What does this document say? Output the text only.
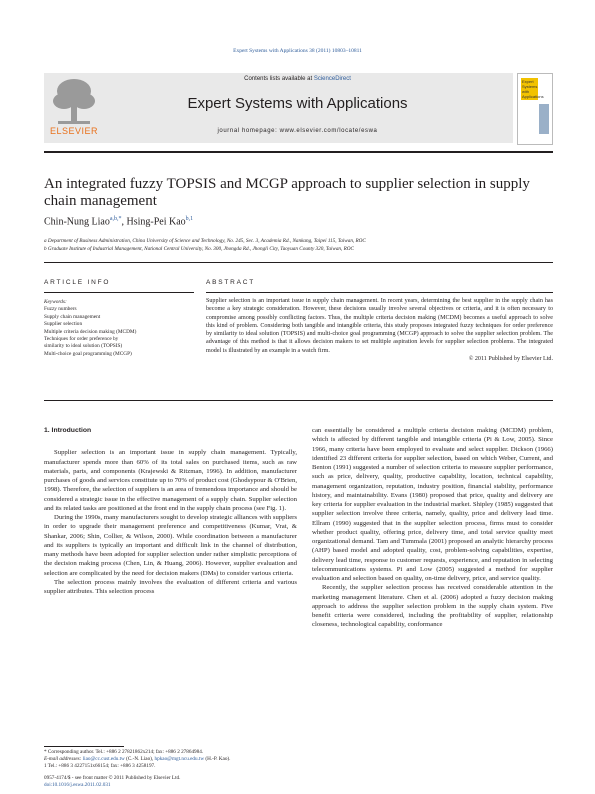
Expert Systems with Applications 38 (2011) 10803–10811
ELSEVIER
Contents lists available at ScienceDirect
Expert Systems with Applications
journal homepage: www.elsevier.com/locate/eswa
Expert
Systems
with
Applications
An integrated fuzzy TOPSIS and MCGP approach to supplier selection in supply chain management
Chin-Nung Liao$^{a,b,*}$, Hsing-Pei Kao$^{b,1}$
a Department of Business Administration, China University of Science and Technology, No. 245, Sec. 3, Academia Rd., Nankang, Taipei 115, Taiwan, ROC
b Graduate Institute of Industrial Management, National Central University, No. 300, Jhongda Rd., Jhongli City, Taoyuan County 320, Taiwan, ROC
ARTICLE INFO
Keywords:
Fuzzy numbers
Supply chain management
Supplier selection
Multiple criteria decision making (MCDM)
Techniques for order preference by
similarity to ideal solution (TOPSIS)
Multi-choice goal programming (MCGP)
ABSTRACT
Supplier selection is an important issue in supply chain management. In recent years, determining the best supplier in the supply chain has become a key strategic consideration. However, these decisions usually involve several objectives or criteria, and it is often necessary to compromise among possibly conflicting factors. Thus, the multiple criteria decision making (MCDM) becomes a useful approach to solve this kind of problem. Considering both tangible and intangible criteria, this study proposes integrated fuzzy techniques for order preference by similarity to ideal solution (TOPSIS) and multi-choice goal programming (MCGP) approach to solve the supplier selection problem. The advantage of this method is that it allows decision makers to set multiple aspiration levels for supplier selection problems. The integrated model is illustrated by an example in a watch firm.
© 2011 Published by Elsevier Ltd.
1. Introduction

Supplier selection is an important issue in supply chain management. Typically, manufacturer spends more than 60% of its total sales on purchased items, such as raw materials, parts, and components (Krajewski & Ritzman, 1996). In addition, manufacturer purchases of goods and services constitute up to 70% of product cost (Ghodsypour & O'Brien, 1998). Therefore, the selection of suppliers is an area of tremendous importance and should be considered a strategic issue in the effective management of a supply chain. Supplier selection and its related tasks are positioned at the front end in the supply chain process (see Fig. 1).

During the 1990s, many manufacturers sought to develop strategic alliances with suppliers in order to upgrade their management preference and competitiveness (Kumar, Vrat, & Shankar, 2006; Shin, Collier, & Wilson, 2000). While coordination between a manufacturer and its suppliers is typically an important and difficult link in the channel of distribution, many methods have been adopted for supplier selection under rather simplistic perceptions of the decision making process (Chen, Lin, & Huang, 2006). However, supplier evaluation and selection are complicated by the need for decision makers (DMs) to consider various criteria.

The selection process mainly involves the evaluation of different criteria and various supplier attributes. This selection process

can essentially be considered a multiple criteria decision making (MCDM) problem, which is affected by different tangible and intangible criteria (Pi & Low, 2005). Since 1966, many criteria have been employed to evaluate and select supplier. Dickson (1966) identified 23 different criteria for supplier selection, based on which Weber, Current, and Benton (1991) suggested a number of selection criteria to measure supplier performance, such as price, delivery, quality, productive capability, location, technical capability, management organization, reputation, industry position, financial stability, performance history, and maintainability. Evans (1980) proposed that price, quality and delivery are key criteria for supplier evaluation in the industrial market. Shipley (1985) suggested that supplier selection involve three criteria, namely, quality, price and delivery lead time. Ellram (1990) suggested that in the supplier selection process, firms must to consider whether product quality, offering price, delivery time, and total service quality meet organizational demand. Tam and Tummala (2001) proposed an analytic hierarchy process (AHP) based model and adopted quality, cost, problem-solving capabilities, expertise, delivery lead time, response to customer requests, experience, and reputation in selecting telecommunications systems. Pi and Low (2005) suggested a method for supplier evaluation and selection based on quality, on-time delivery, price, and service quality.

Recently, the supplier selection process has received considerable attention in the marketing management literature. Chen et al. (2006) adopted a fuzzy decision making approach to address the supplier selection problem in the supply chain system. Five benefit criteria were considered, including the profitability of supplier, relationship closeness, technological capability, conformance

* Corresponding author. Tel.: +886 2 27821862x214; fax: +886 2 27864984.
E-mail addresses: liao@cc.cust.edu.tw (C.-N. Liao), hpkao@mgt.ncu.edu.tw (H.-P. Kao).
1 Tel.: +886 3 4227151x66154; fax: +886 3 4258197.
0957-4174/$ - see front matter © 2011 Published by Elsevier Ltd.
doi:10.1016/j.eswa.2011.02.031
